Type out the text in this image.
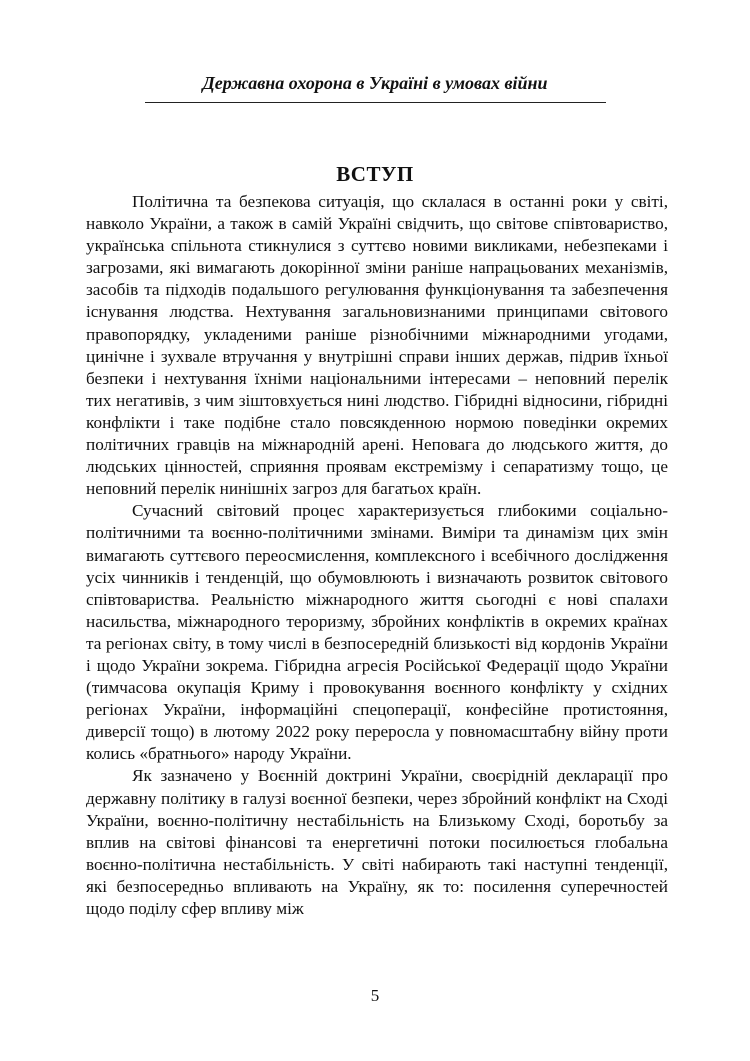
Державна охорона в Україні в умовах війни
ВСТУП

Політична та безпекова ситуація, що склалася в останні роки у світі, навколо України, а також в самій Україні свідчить, що світове співтовариство, українська спільнота стикнулися з суттєво новими викликами, небезпеками і загрозами, які вимагають докорінної зміни раніше напрацьованих механізмів, засобів та підходів подальшого регулювання функціонування та забезпечення існування людства. Нехтування загальновизнаними принципами світового правопорядку, укладеними раніше різнобічними міжнародними угодами, цинічне і зухвале втручання у внутрішні справи інших держав, підрив їхньої безпеки і нехтування їхніми національними інтересами – неповний перелік тих негативів, з чим зіштовхується нині людство. Гібридні відносини, гібридні конфлікти і таке подібне стало повсякденною нормою поведінки окремих політичних гравців на міжнародній арені. Неповага до людського життя, до людських цінностей, сприяння проявам екстремізму і сепаратизму тощо, це неповний перелік нинішніх загроз для багатьох країн.

Сучасний світовий процес характеризується глибокими соціально-політичними та воєнно-політичними змінами. Виміри та динамізм цих змін вимагають суттєвого переосмислення, комплексного і всебічного дослідження усіх чинників і тенденцій, що обумовлюють і визначають розвиток світового співтовариства. Реальністю міжнародного життя сьогодні є нові спалахи насильства, міжнародного тероризму, збройних конфліктів в окремих країнах та регіонах світу, в тому числі в безпосередній близькості від кордонів України і щодо України зокрема. Гібридна агресія Російської Федерації щодо України (тимчасова окупація Криму і провокування воєнного конфлікту у східних регіонах України, інформаційні спецоперації, конфесійне протистояння, диверсії тощо) в лютому 2022 року переросла у повномасштабну війну проти колись «братнього» народу України.

Як зазначено у Воєнній доктрині України, своєрідній декларації про державну політику в галузі воєнної безпеки, через збройний конфлікт на Сході України, воєнно-політичну нестабільність на Близькому Сході, боротьбу за вплив на світові фінансові та енергетичні потоки посилюється глобальна воєнно-політична нестабільність. У світі набирають такі наступні тенденції, які безпосередньо впливають на Україну, як то: посилення суперечностей щодо поділу сфер впливу між

5
